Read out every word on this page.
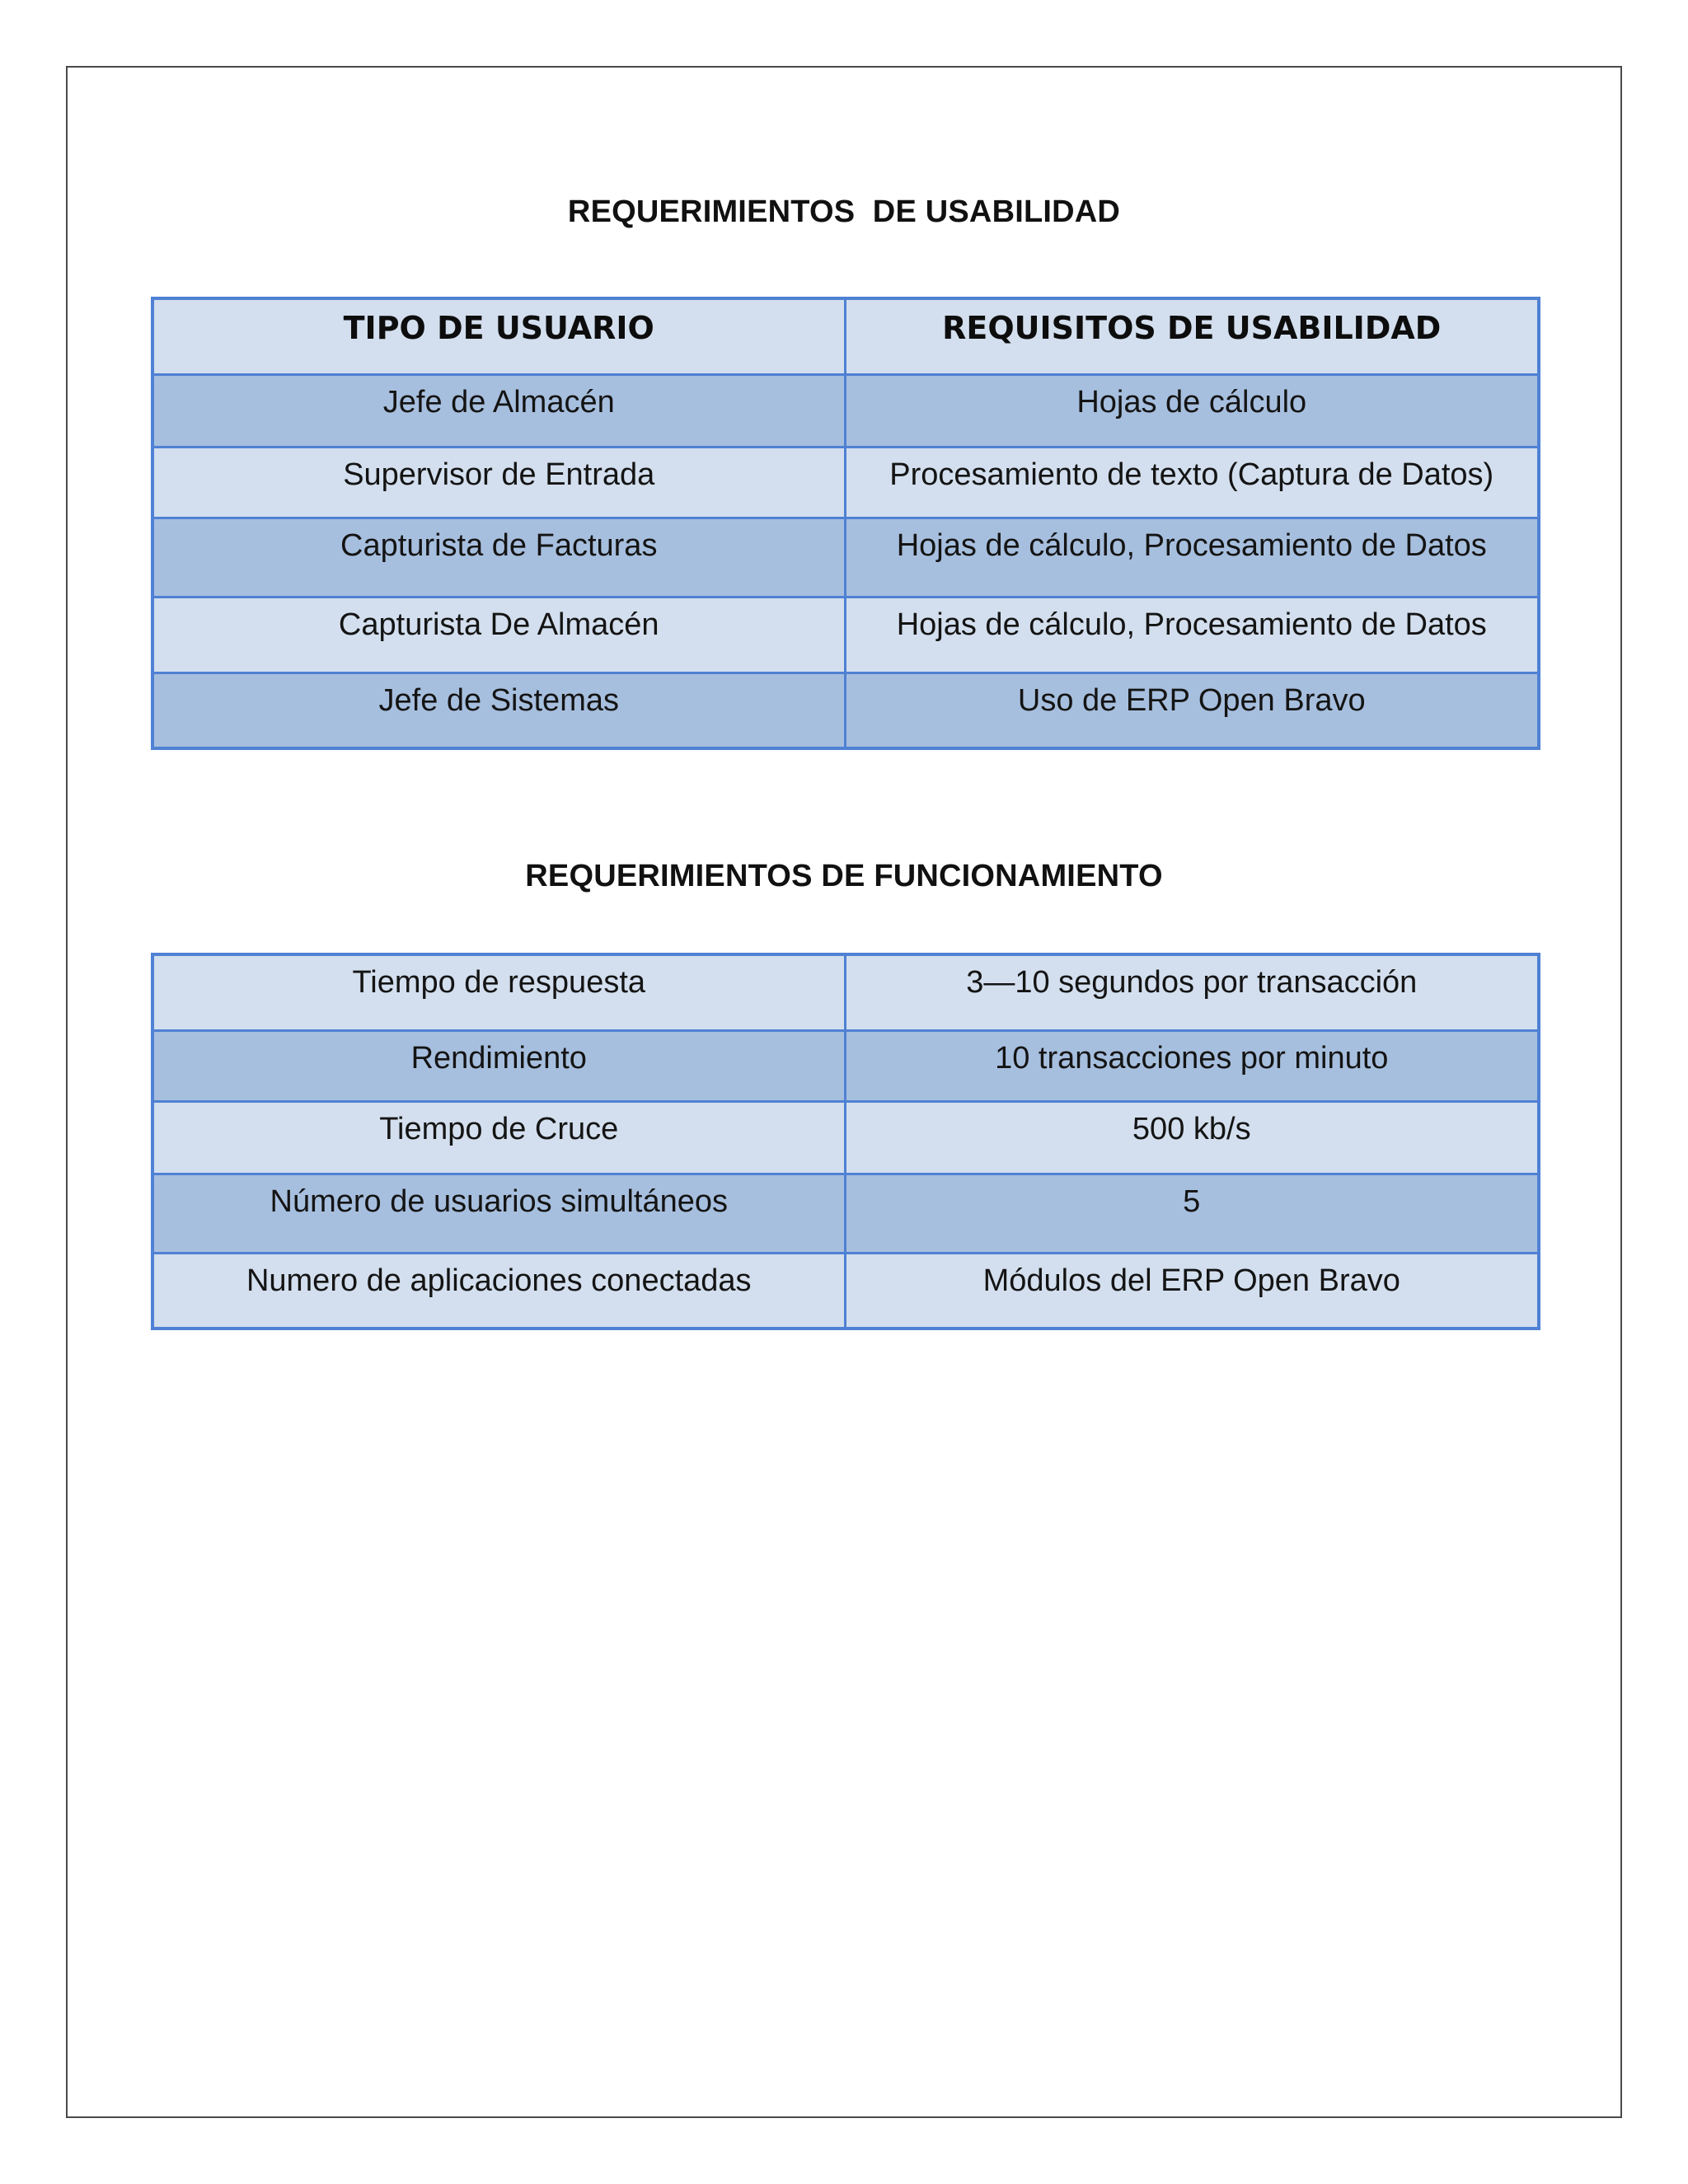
REQUERIMIENTOS  DE USABILIDAD
TIPO DE USUARIO	REQUISITOS DE USABILIDAD
Jefe de Almacén	Hojas de cálculo
Supervisor de Entrada	Procesamiento de texto (Captura de Datos)
Capturista de Facturas	Hojas de cálculo, Procesamiento de Datos
Capturista De Almacén	Hojas de cálculo, Procesamiento de Datos
Jefe de Sistemas	Uso de ERP Open Bravo
REQUERIMIENTOS DE FUNCIONAMIENTO
Tiempo de respuesta	3—10 segundos por transacción
Rendimiento	10 transacciones por minuto
Tiempo de Cruce	500 kb/s
Número de usuarios simultáneos	5
Numero de aplicaciones conectadas	Módulos del ERP Open Bravo
